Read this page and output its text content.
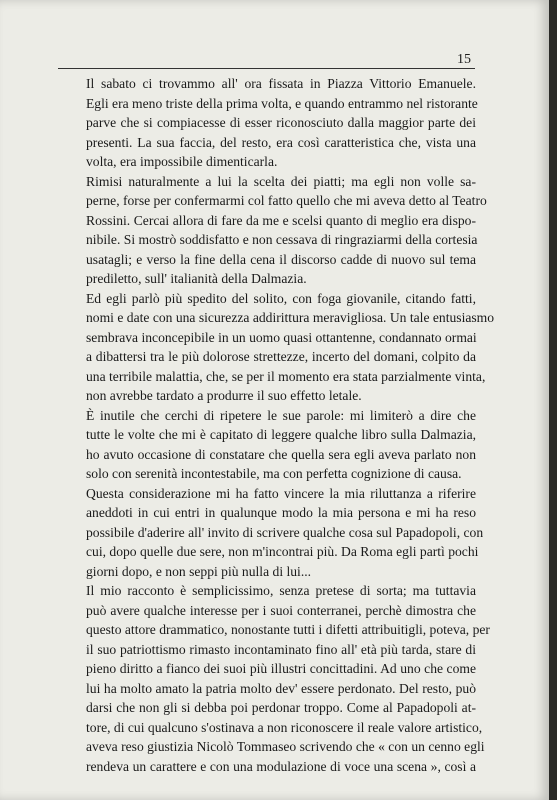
15
Il sabato ci trovammo all' ora fissata in Piazza Vittorio Emanuele.
Egli era meno triste della prima volta, e quando entrammo nel ristorante
parve che si compiacesse di esser riconosciuto dalla maggior parte dei
presenti. La sua faccia, del resto, era così caratteristica che, vista una
volta, era impossibile dimenticarla.
Rimisi naturalmente a lui la scelta dei piatti; ma egli non volle sa-
perne, forse per confermarmi col fatto quello che mi aveva detto al Teatro
Rossini. Cercai allora di fare da me e scelsi quanto di meglio era dispo-
nibile. Si mostrò soddisfatto e non cessava di ringraziarmi della cortesia
usatagli; e verso la fine della cena il discorso cadde di nuovo sul tema
prediletto, sull' italianità della Dalmazia.
Ed egli parlò più spedito del solito, con foga giovanile, citando fatti,
nomi e date con una sicurezza addirittura meravigliosa. Un tale entusiasmo
sembrava inconcepibile in un uomo quasi ottantenne, condannato ormai
a dibattersi tra le più dolorose strettezze, incerto del domani, colpito da
una terribile malattia, che, se per il momento era stata parzialmente vinta,
non avrebbe tardato a produrre il suo effetto letale.
È inutile che cerchi di ripetere le sue parole: mi limiterò a dire che
tutte le volte che mi è capitato di leggere qualche libro sulla Dalmazia,
ho avuto occasione di constatare che quella sera egli aveva parlato non
solo con serenità incontestabile, ma con perfetta cognizione di causa.
Questa considerazione mi ha fatto vincere la mia riluttanza a riferire
aneddoti in cui entri in qualunque modo la mia persona e mi ha reso
possibile d'aderire all' invito di scrivere qualche cosa sul Papadopoli, con
cui, dopo quelle due sere, non m'incontrai più. Da Roma egli partì pochi
giorni dopo, e non seppi più nulla di lui...
Il mio racconto è semplicissimo, senza pretese di sorta; ma tuttavia
può avere qualche interesse per i suoi conterranei, perchè dimostra che
questo attore drammatico, nonostante tutti i difetti attribuitigli, poteva, per
il suo patriottismo rimasto incontaminato fino all' età più tarda, stare di
pieno diritto a fianco dei suoi più illustri concittadini. Ad uno che come
lui ha molto amato la patria molto dev' essere perdonato. Del resto, può
darsi che non gli si debba poi perdonar troppo. Come al Papadopoli at-
tore, di cui qualcuno s'ostinava a non riconoscere il reale valore artistico,
aveva reso giustizia Nicolò Tommaseo scrivendo che « con un cenno egli
rendeva un carattere e con una modulazione di voce una scena », così a
